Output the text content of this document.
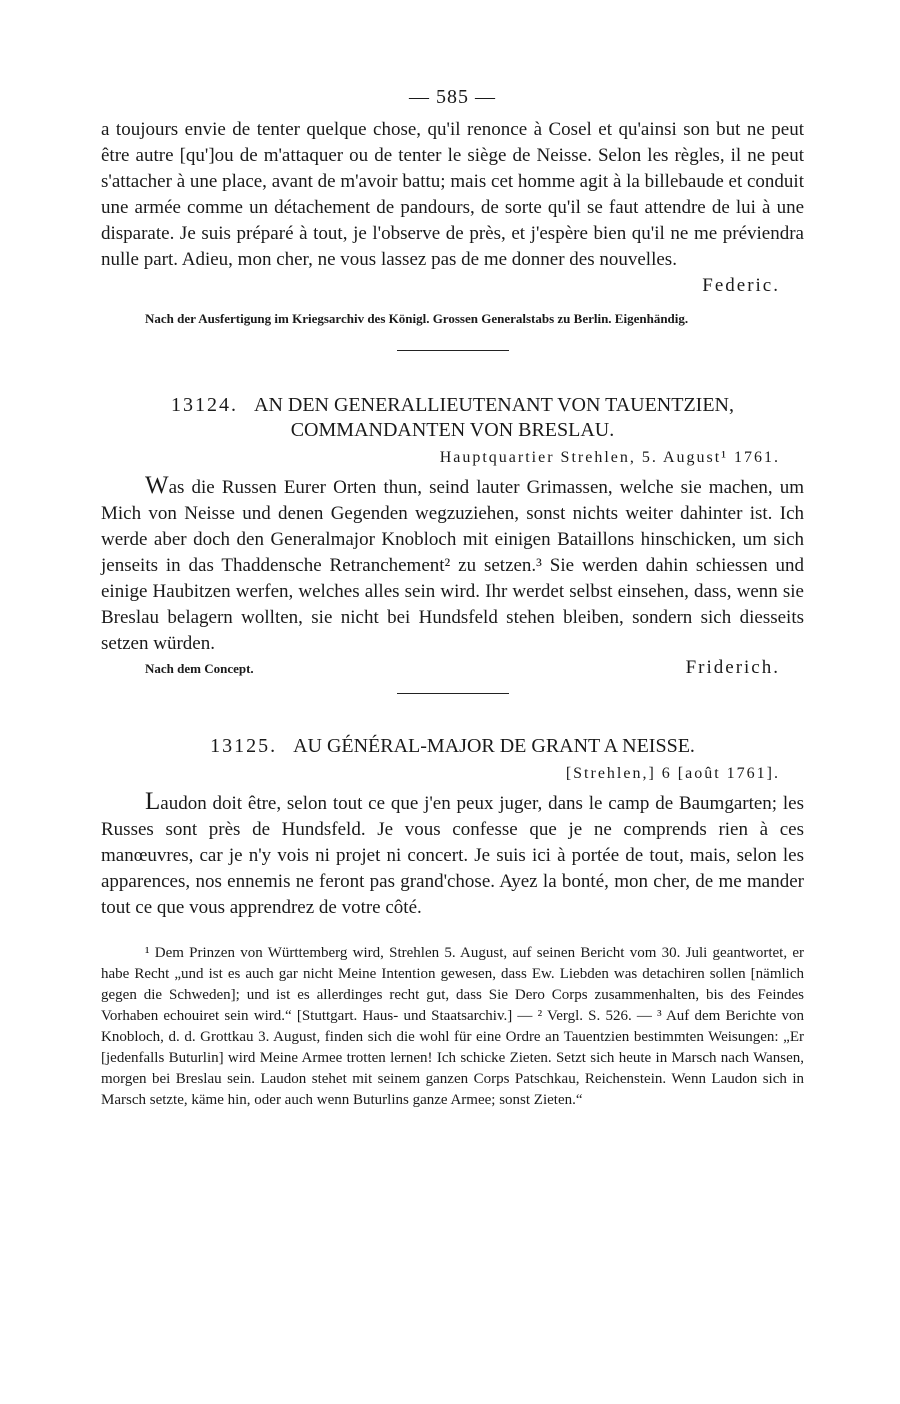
— 585 —

a toujours envie de tenter quelque chose, qu'il renonce à Cosel et qu'ainsi son but ne peut être autre [qu']ou de m'attaquer ou de tenter le siège de Neisse. Selon les règles, il ne peut s'attacher à une place, avant de m'avoir battu; mais cet homme agit à la billebaude et conduit une armée comme un détachement de pandours, de sorte qu'il se faut attendre de lui à une disparate. Je suis préparé à tout, je l'observe de près, et j'espère bien qu'il ne me préviendra nulle part. Adieu, mon cher, ne vous lassez pas de me donner des nouvelles.

Federic.

Nach der Ausfertigung im Kriegsarchiv des Königl. Grossen Generalstabs zu Berlin. Eigenhändig.

13124. AN DEN GENERALLIEUTENANT VON TAUENTZIEN,
COMMANDANTEN VON BRESLAU.
Hauptquartier Strehlen, 5. August¹ 1761.

Was die Russen Eurer Orten thun, seind lauter Grimassen, welche sie machen, um Mich von Neisse und denen Gegenden wegzuziehen, sonst nichts weiter dahinter ist. Ich werde aber doch den Generalmajor Knobloch mit einigen Bataillons hinschicken, um sich jenseits in das Thaddensche Retranchement² zu setzen.³ Sie werden dahin schiessen und einige Haubitzen werfen, welches alles sein wird. Ihr werdet selbst einsehen, dass, wenn sie Breslau belagern wollten, sie nicht bei Hundsfeld stehen bleiben, sondern sich diesseits setzen würden.

Nach dem Concept.	Friderich.
13125. AU GÉNÉRAL-MAJOR DE GRANT A NEISSE.
[Strehlen,] 6 [août 1761].

Laudon doit être, selon tout ce que j'en peux juger, dans le camp de Baumgarten; les Russes sont près de Hundsfeld. Je vous confesse que je ne comprends rien à ces manœuvres, car je n'y vois ni projet ni concert. Je suis ici à portée de tout, mais, selon les apparences, nos ennemis ne feront pas grand'chose. Ayez la bonté, mon cher, de me mander tout ce que vous apprendrez de votre côté.

¹ Dem Prinzen von Württemberg wird, Strehlen 5. August, auf seinen Bericht vom 30. Juli geantwortet, er habe Recht „und ist es auch gar nicht Meine Intention gewesen, dass Ew. Liebden was detachiren sollen [nämlich gegen die Schweden]; und ist es allerdinges recht gut, dass Sie Dero Corps zusammenhalten, bis des Feindes Vorhaben echouiret sein wird.“ [Stuttgart. Haus- und Staatsarchiv.] — ² Vergl. S. 526. — ³ Auf dem Berichte von Knobloch, d. d. Grottkau 3. August, finden sich die wohl für eine Ordre an Tauentzien bestimmten Weisungen: „Er [jedenfalls Buturlin] wird Meine Armee trotten lernen! Ich schicke Zieten. Setzt sich heute in Marsch nach Wansen, morgen bei Breslau sein. Laudon stehet mit seinem ganzen Corps Patschkau, Reichenstein. Wenn Laudon sich in Marsch setzte, käme hin, oder auch wenn Buturlins ganze Armee; sonst Zieten.“
